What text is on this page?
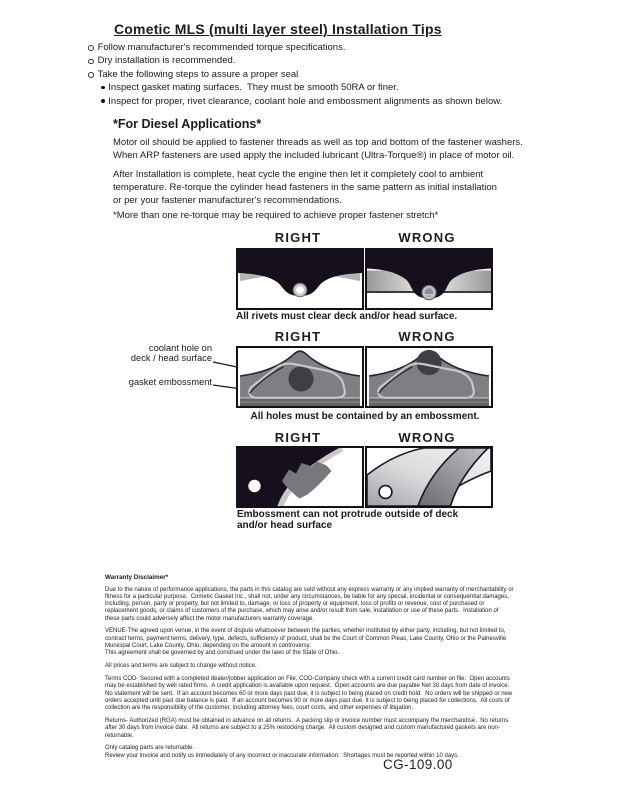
Cometic MLS (multi layer steel) Installation Tips
Follow manufacturer's recommended torque specifications.
Dry installation is recommended.
Take the following steps to assure a proper seal
Inspect gasket mating surfaces.  They must be smooth 50RA or finer.
Inspect for proper, rivet clearance, coolant hole and embossment alignments as shown below.
*For Diesel Applications*

Motor oil should be applied to fastener threads as well as top and bottom of the fastener washers.
When ARP fasteners are used apply the included lubricant (Ultra-Torque®) in place of motor oil.

After Installation is complete, heat cycle the engine then let it completely cool to ambient
temperature. Re-torque the cylinder head fasteners in the same pattern as initial installation
or per your fastener manufacturer's recommendations.

*More than one re-torque may be required to achieve proper fastener stretch*

RIGHT	WRONG

All rivets must clear deck and/or head surface.

RIGHT	WRONG

coolant hole on
deck / head surface

gasket embossment

All holes must be contained by an embossment.

RIGHT	WRONG

Embossment can not protrude outside of deck
and/or head surface

Warranty Disclaimer*

Due to the nature of performance applications, the parts in this catalog are sold without any express warranty or any implied warranty of merchantability or fitness for a particular purpose.  Cometic Gasket Inc., shall not, under any circumstances, be liable for any special, incidental or consequential damages, including, person, party or property, but not limited to, damage, or loss of property or equipment, loss of profits or revenue, cost of purchased or replacement goods, or claims of customers of the purchase, which may arise and/or result from sale, installation or use of these parts.  Installation of these parts could adversely affect the motor manufacturers warranty coverage.

VENUE-The agreed upon venue, in the event of dispute whatsoever between the parties, whether instituted by either party, including, but not limited to, contract terms, payment terms, delivery, type, defects, sufficiency of product, shall be the Court of Common Pleas, Lake County, Ohio or the Painesville Municipal Court, Lake County, Ohio, depending on the amount in controversy.
This agreement shall be governed by and construed under the laws of the State of Ohio.

All prices and terms are subject to change without notice.

Terms COD- Secured with a completed dealer/jobber application on File, COD-Company check with a current credit card number on file.  Open accounts may be established by well rated firms.  A credit application is available upon request.  Open accounts are due payable Net 30 days from date of invoice.  No statement will be sent.  If an account becomes 60 or more days past due, it is subject to being placed on credit hold.  No orders will be shipped or new orders accepted until past due balance is paid.  If an account becomes 90 or more days past due, it is subject to being placed for collections.  All costs of collection are the responsibility of the customer, including attorney fees, court costs, and other expenses of litigation.

Returns- Authorized (RGA) must be obtained in advance on all returns.  A packing slip or invoice number must accompany the merchandise.  No returns after 30 days from invoice date.  All returns are subject to a 25% restocking charge.  All custom designed and custom manufactured gaskets are non-returnable.

Only catalog parts are returnable.
Review your invoice and notify us immediately of any incorrect or inaccurate information.  Shortages must be reported within 10 days.

CG-109.00
